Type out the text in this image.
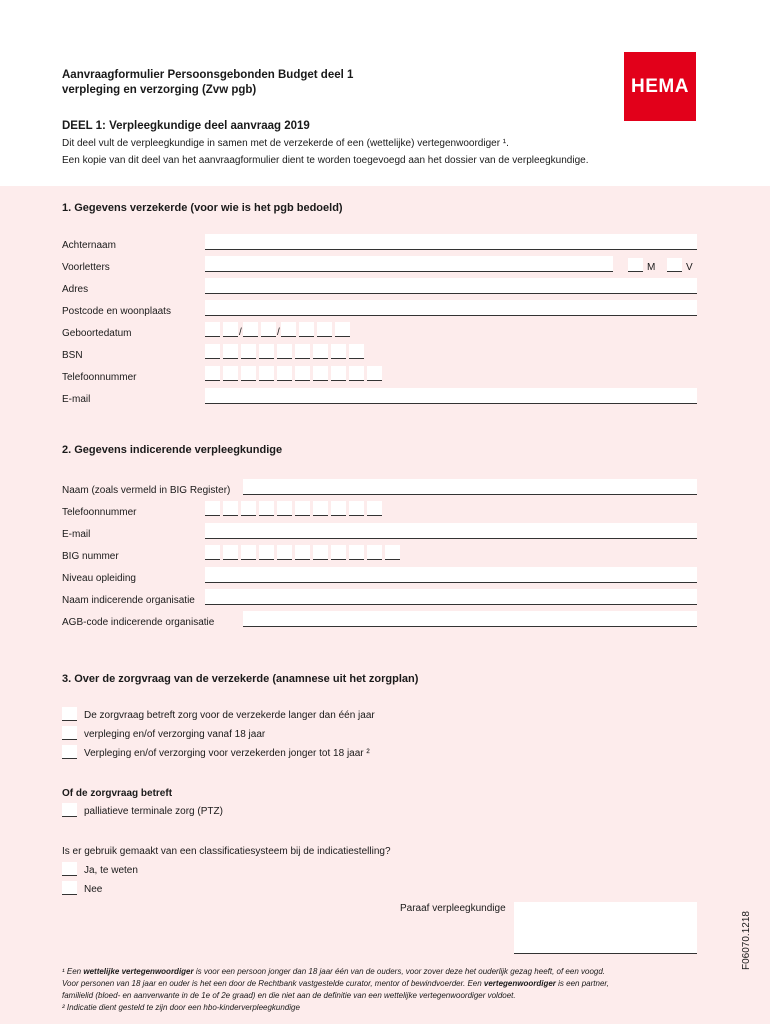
Aanvraagformulier Persoonsgebonden Budget deel 1
verpleging en verzorging (Zvw pgb)	HEMA
DEEL 1: Verpleegkundige deel aanvraag 2019
Dit deel vult de verpleegkundige in samen met de verzekerde of een (wettelijke) vertegenwoordiger ¹.
Een kopie van dit deel van het aanvraagformulier dient te worden toegevoegd aan het dossier van de verpleegkundige.
1. Gegevens verzekerde (voor wie is het pgb bedoeld)
Achternaam
Voorletters	M	V
Adres
Postcode en woonplaats
Geboortedatum	/	/
BSN
Telefoonnummer
E-mail
2. Gegevens indicerende verpleegkundige
Naam (zoals vermeld in BIG Register)
Telefoonnummer
E-mail
BIG nummer
Niveau opleiding
Naam indicerende organisatie
AGB-code indicerende organisatie
3. Over de zorgvraag van de verzekerde (anamnese uit het zorgplan)
De zorgvraag betreft zorg voor de verzekerde langer dan één jaar
verpleging en/of verzorging vanaf 18 jaar
Verpleging en/of verzorging voor verzekerden jonger tot 18 jaar ²
Of de zorgvraag betreft
palliatieve terminale zorg (PTZ)
Is er gebruik gemaakt van een classificatiesysteem bij de indicatiestelling?
Ja, te weten
Nee
Paraaf verpleegkundige
¹ Een wettelijke vertegenwoordiger is voor een persoon jonger dan 18 jaar één van de ouders, voor zover deze het ouderlijk gezag heeft, of een voogd.
Voor personen van 18 jaar en ouder is het een door de Rechtbank vastgestelde curator, mentor of bewindvoerder. Een vertegenwoordiger is een partner,
familielid (bloed- en aanverwante in de 1e of 2e graad) en die niet aan de definitie van een wettelijke vertegenwoordiger voldoet.
² Indicatie dient gesteld te zijn door een hbo-kinderverpleegkundige
F06070.1218
